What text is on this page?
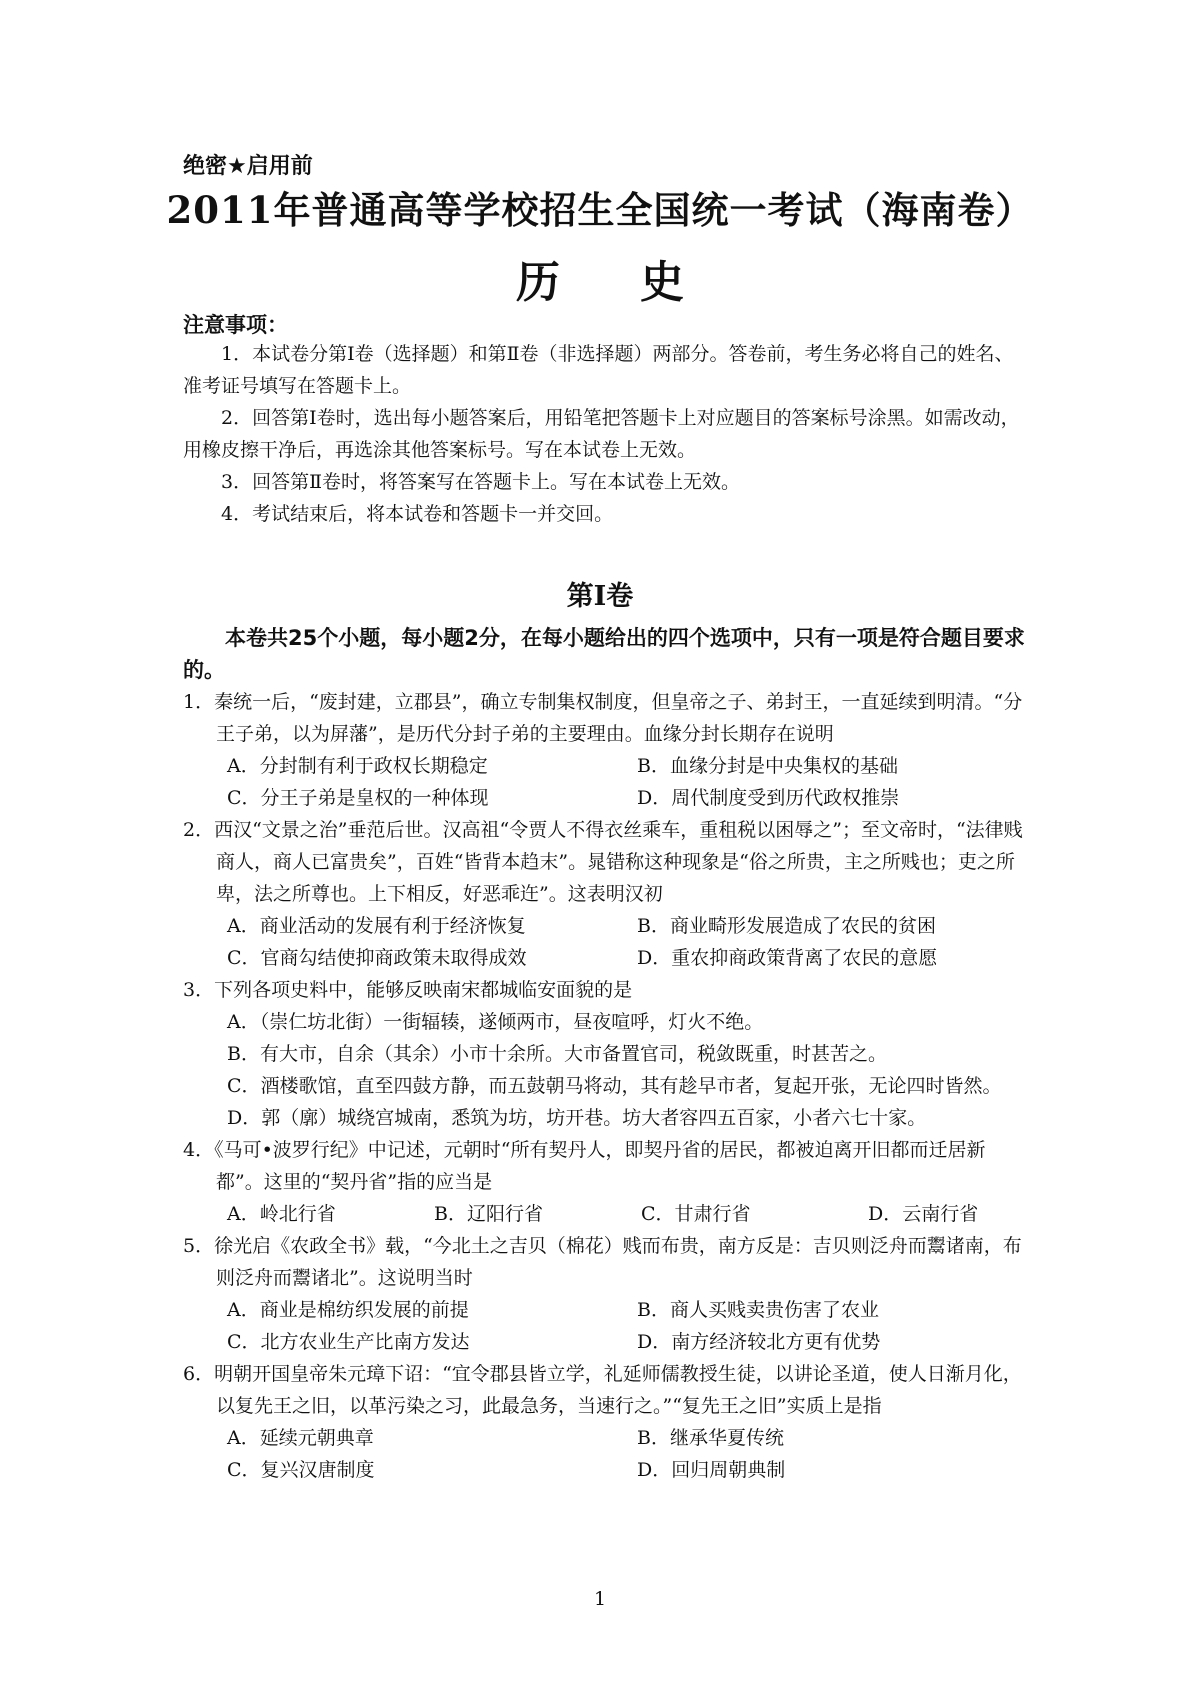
绝密★启用前
2011年普通高等学校招生全国统一考试（海南卷）
历史
注意事项：

1．本试卷分第Ⅰ卷（选择题）和第Ⅱ卷（非选择题）两部分。答卷前，考生务必将自己的姓名、准考证号填写在答题卡上。

2．回答第Ⅰ卷时，选出每小题答案后，用铅笔把答题卡上对应题目的答案标号涂黑。如需改动，用橡皮擦干净后，再选涂其他答案标号。写在本试卷上无效。

3．回答第Ⅱ卷时，将答案写在答题卡上。写在本试卷上无效。

4．考试结束后，将本试卷和答题卡一并交回。

第Ⅰ卷
本卷共25个小题，每小题2分，在每小题给出的四个选项中，只有一项是符合题目要求的。
1．秦统一后，“废封建，立郡县”，确立专制集权制度，但皇帝之子、弟封王，一直延续到明清。“分王子弟，以为屏藩”，是历代分封子弟的主要理由。血缘分封长期存在说明
A．分封制有利于政权长期稳定	B．血缘分封是中央集权的基础
C．分王子弟是皇权的一种体现	D．周代制度受到历代政权推崇
2．西汉“文景之治”垂范后世。汉高祖“令贾人不得衣丝乘车，重租税以困辱之”；至文帝时，“法律贱商人，商人已富贵矣”，百姓“皆背本趋末”。晁错称这种现象是“俗之所贵，主之所贱也；吏之所卑，法之所尊也。上下相反，好恶乖迕”。这表明汉初
A．商业活动的发展有利于经济恢复	B．商业畸形发展造成了农民的贫困
C．官商勾结使抑商政策未取得成效	D．重农抑商政策背离了农民的意愿
3．下列各项史料中，能够反映南宋都城临安面貌的是
A．（崇仁坊北街）一街辐辏，遂倾两市，昼夜喧呼，灯火不绝。
B．有大市，自余（其余）小市十余所。大市备置官司，税敛既重，时甚苦之。
C．酒楼歌馆，直至四鼓方静，而五鼓朝马将动，其有趁早市者，复起开张，无论四时皆然。
D．郭（廓）城绕宫城南，悉筑为坊，坊开巷。坊大者容四五百家，小者六七十家。
4．《马可•波罗行纪》中记述，元朝时“所有契丹人，即契丹省的居民，都被迫离开旧都而迁居新都”。这里的“契丹省”指的应当是
A．岭北行省	B．辽阳行省	C．甘肃行省	D．云南行省
5．徐光启《农政全书》载，“今北土之吉贝（棉花）贱而布贵，南方反是：吉贝则泛舟而鬻诸南，布则泛舟而鬻诸北”。这说明当时
A．商业是棉纺织发展的前提	B．商人买贱卖贵伤害了农业
C．北方农业生产比南方发达	D．南方经济较北方更有优势
6．明朝开国皇帝朱元璋下诏：“宜令郡县皆立学，礼延师儒教授生徒，以讲论圣道，使人日渐月化，以复先王之旧，以革污染之习，此最急务，当速行之。”“复先王之旧”实质上是指
A．延续元朝典章	B．继承华夏传统
C．复兴汉唐制度	D．回归周朝典制
1
